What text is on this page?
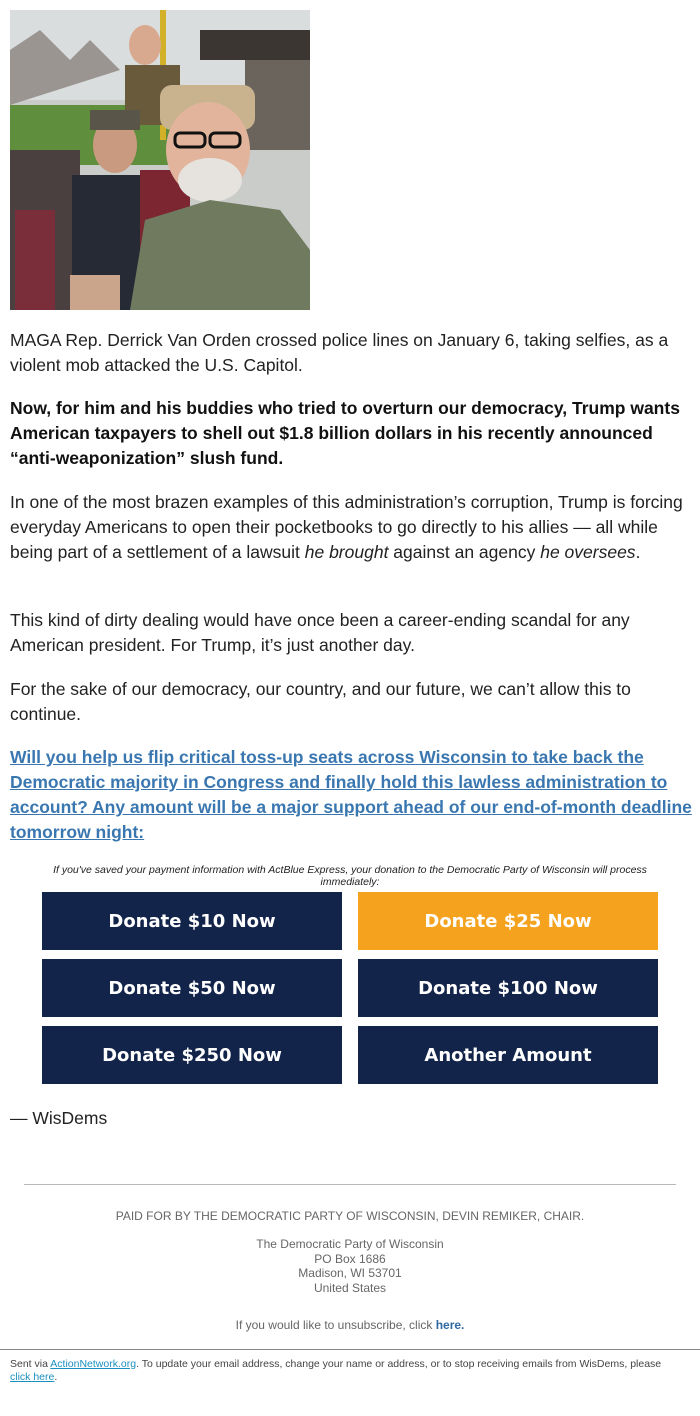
MAGA Rep. Derrick Van Orden crossed police lines on January 6, taking selfies, as a violent mob attacked the U.S. Capitol.
Now, for him and his buddies who tried to overturn our democracy, Trump wants American taxpayers to shell out $1.8 billion dollars in his recently announced “anti-weaponization” slush fund.
In one of the most brazen examples of this administration’s corruption, Trump is forcing everyday Americans to open their pocketbooks to go directly to his allies — all while being part of a settlement of a lawsuit he brought against an agency he oversees.
This kind of dirty dealing would have once been a career-ending scandal for any American president. For Trump, it’s just another day.
For the sake of our democracy, our country, and our future, we can’t allow this to continue.
Will you help us flip critical toss-up seats across Wisconsin to take back the Democratic majority in Congress and finally hold this lawless administration to account? Any amount will be a major support ahead of our end-of-month deadline tomorrow night:
If you've saved your payment information with ActBlue Express, your donation to the Democratic Party of Wisconsin will process immediately:
Donate $10 Now	Donate $25 Now
Donate $50 Now	Donate $100 Now
Donate $250 Now	Another Amount
— WisDems
PAID FOR BY THE DEMOCRATIC PARTY OF WISCONSIN, DEVIN REMIKER, CHAIR.
The Democratic Party of Wisconsin
PO Box 1686
Madison, WI 53701
United States
If you would like to unsubscribe, click here.
Sent via ActionNetwork.org. To update your email address, change your name or address, or to stop receiving emails from WisDems, please click here.
